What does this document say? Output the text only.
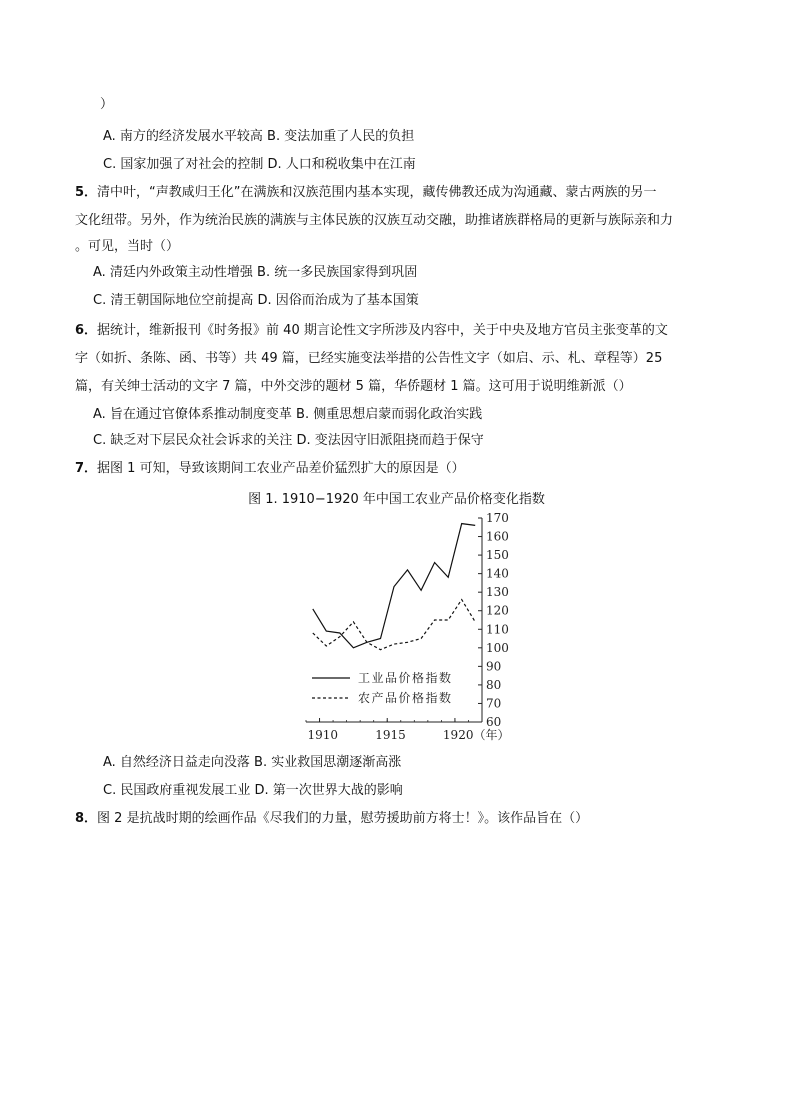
）
A. 南方的经济发展水平较高 B. 变法加重了人民的负担
C. 国家加强了对社会的控制 D. 人口和税收集中在江南
5．清中叶，“声教咸归王化”在满族和汉族范围内基本实现，藏传佛教还成为沟通藏、蒙古两族的另一
文化纽带。另外，作为统治民族的满族与主体民族的汉族互动交融，助推诸族群格局的更新与族际亲和力
。可见，当时（）
A. 清廷内外政策主动性增强 B. 统一多民族国家得到巩固
C. 清王朝国际地位空前提高 D. 因俗而治成为了基本国策
6．据统计，维新报刊《时务报》前 40 期言论性文字所涉及内容中，关于中央及地方官员主张变革的文
字（如折、条陈、函、书等）共 49 篇，已经实施变法举措的公告性文字（如启、示、札、章程等）25
篇，有关绅士活动的文字 7 篇，中外交涉的题材 5 篇，华侨题材 1 篇。这可用于说明维新派（）
A. 旨在通过官僚体系推动制度变革 B. 侧重思想启蒙而弱化政治实践
C. 缺乏对下层民众社会诉求的关注 D. 变法因守旧派阻挠而趋于保守
7．据图 1 可知，导致该期间工农业产品差价猛烈扩大的原因是（）
图 1. 1910−1920 年中国工农业产品价格变化指数
60
70
80
90
100
110
120
130
140
150
160
170
1910	1915	1920（年）
工业品价格指数
农产品价格指数
A. 自然经济日益走向没落 B. 实业救国思潮逐渐高涨
C. 民国政府重视发展工业 D. 第一次世界大战的影响
8．图 2 是抗战时期的绘画作品《尽我们的力量，慰劳援助前方将士！》。该作品旨在（）
